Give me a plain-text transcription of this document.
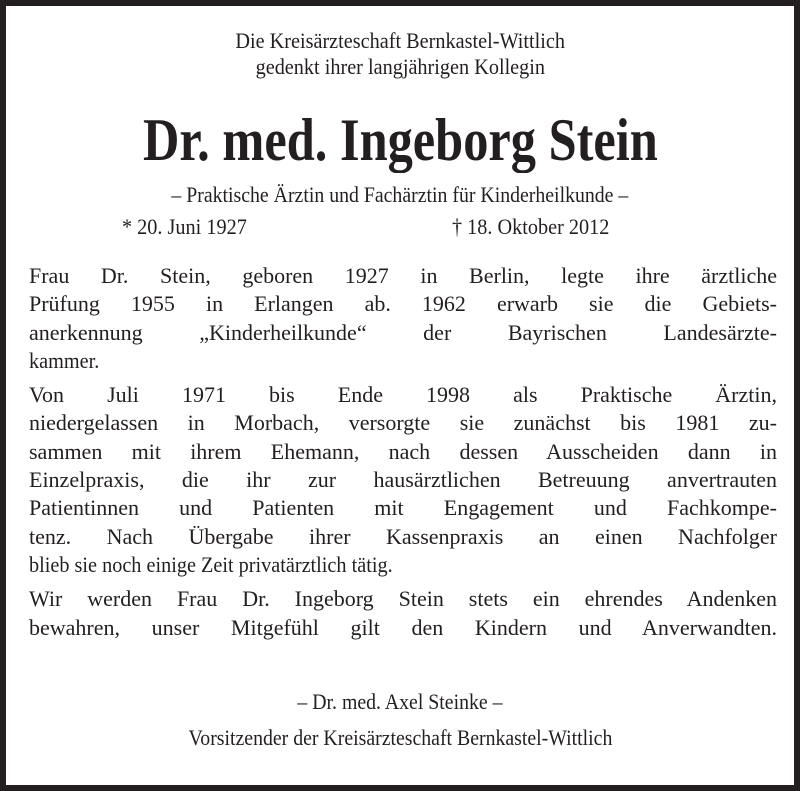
Die Kreisärzteschaft Bernkastel-Wittlich
gedenkt ihrer langjährigen Kollegin
Dr. med. Ingeborg Stein
– Praktische Ärztin und Fachärztin für Kinderheilkunde –
* 20. Juni 1927	† 18. Oktober 2012
Frau Dr. Stein, geboren 1927 in Berlin, legte ihre ärztliche
Prüfung 1955 in Erlangen ab. 1962 erwarb sie die Gebiets-
anerkennung „Kinderheilkunde“ der Bayrischen Landesärzte-
kammer.
Von Juli 1971 bis Ende 1998 als Praktische Ärztin,
niedergelassen in Morbach, versorgte sie zunächst bis 1981 zu-
sammen mit ihrem Ehemann, nach dessen Ausscheiden dann in
Einzelpraxis, die ihr zur hausärztlichen Betreuung anvertrauten
Patientinnen und Patienten mit Engagement und Fachkompe-
tenz. Nach Übergabe ihrer Kassenpraxis an einen Nachfolger
blieb sie noch einige Zeit privatärztlich tätig.
Wir werden Frau Dr. Ingeborg Stein stets ein ehrendes Andenken
bewahren, unser Mitgefühl gilt den Kindern und Anverwandten.
– Dr. med. Axel Steinke –
Vorsitzender der Kreisärzteschaft Bernkastel-Wittlich
